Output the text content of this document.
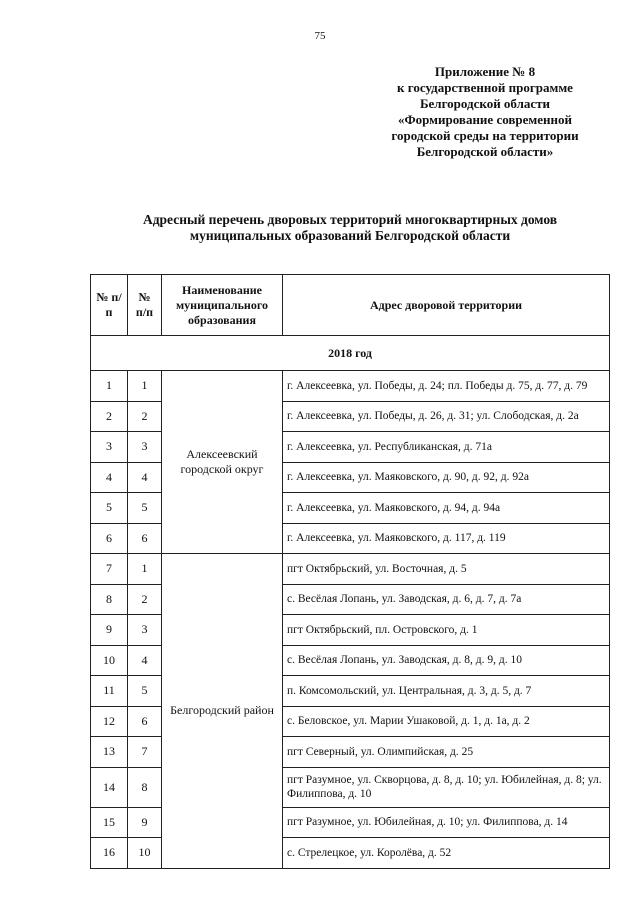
75
Приложение № 8
к государственной программе
Белгородской области
«Формирование современной
городской среды на территории
Белгородской области»
Адресный перечень дворовых территорий многоквартирных домов
муниципальных образований Белгородской области
№ п/п	№ п/п	Наименование муниципального образования	Адрес дворовой территории
2018 год			
1	1	Алексеевский городской округ	г. Алексеевка, ул. Победы, д. 24; пл. Победы д. 75, д. 77, д. 79
2	2		г. Алексеевка, ул. Победы, д. 26, д. 31; ул. Слободская, д. 2а
3	3		г. Алексеевка, ул. Республиканская, д. 71а
4	4		г. Алексеевка, ул. Маяковского, д. 90, д. 92, д. 92а
5	5		г. Алексеевка, ул. Маяковского, д. 94, д. 94а
6	6		г. Алексеевка, ул. Маяковского, д. 117, д. 119
7	1	Белгородский район	пгт Октябрьский, ул. Восточная, д. 5
8	2		с. Весёлая Лопань, ул. Заводская, д. 6, д. 7, д. 7а
9	3		пгт Октябрьский, пл. Островского, д. 1
10	4		с. Весёлая Лопань, ул. Заводская, д. 8, д. 9, д. 10
11	5		п. Комсомольский, ул. Центральная, д. 3, д. 5, д. 7
12	6		с. Беловское, ул. Марии Ушаковой, д. 1, д. 1а, д. 2
13	7		пгт Северный, ул. Олимпийская, д. 25
14	8		пгт Разумное, ул. Скворцова, д. 8, д. 10; ул. Юбилейная, д. 8; ул. Филиппова, д. 10
15	9		пгт Разумное, ул. Юбилейная, д. 10; ул. Филиппова, д. 14
16	10		с. Стрелецкое, ул. Королёва, д. 52
